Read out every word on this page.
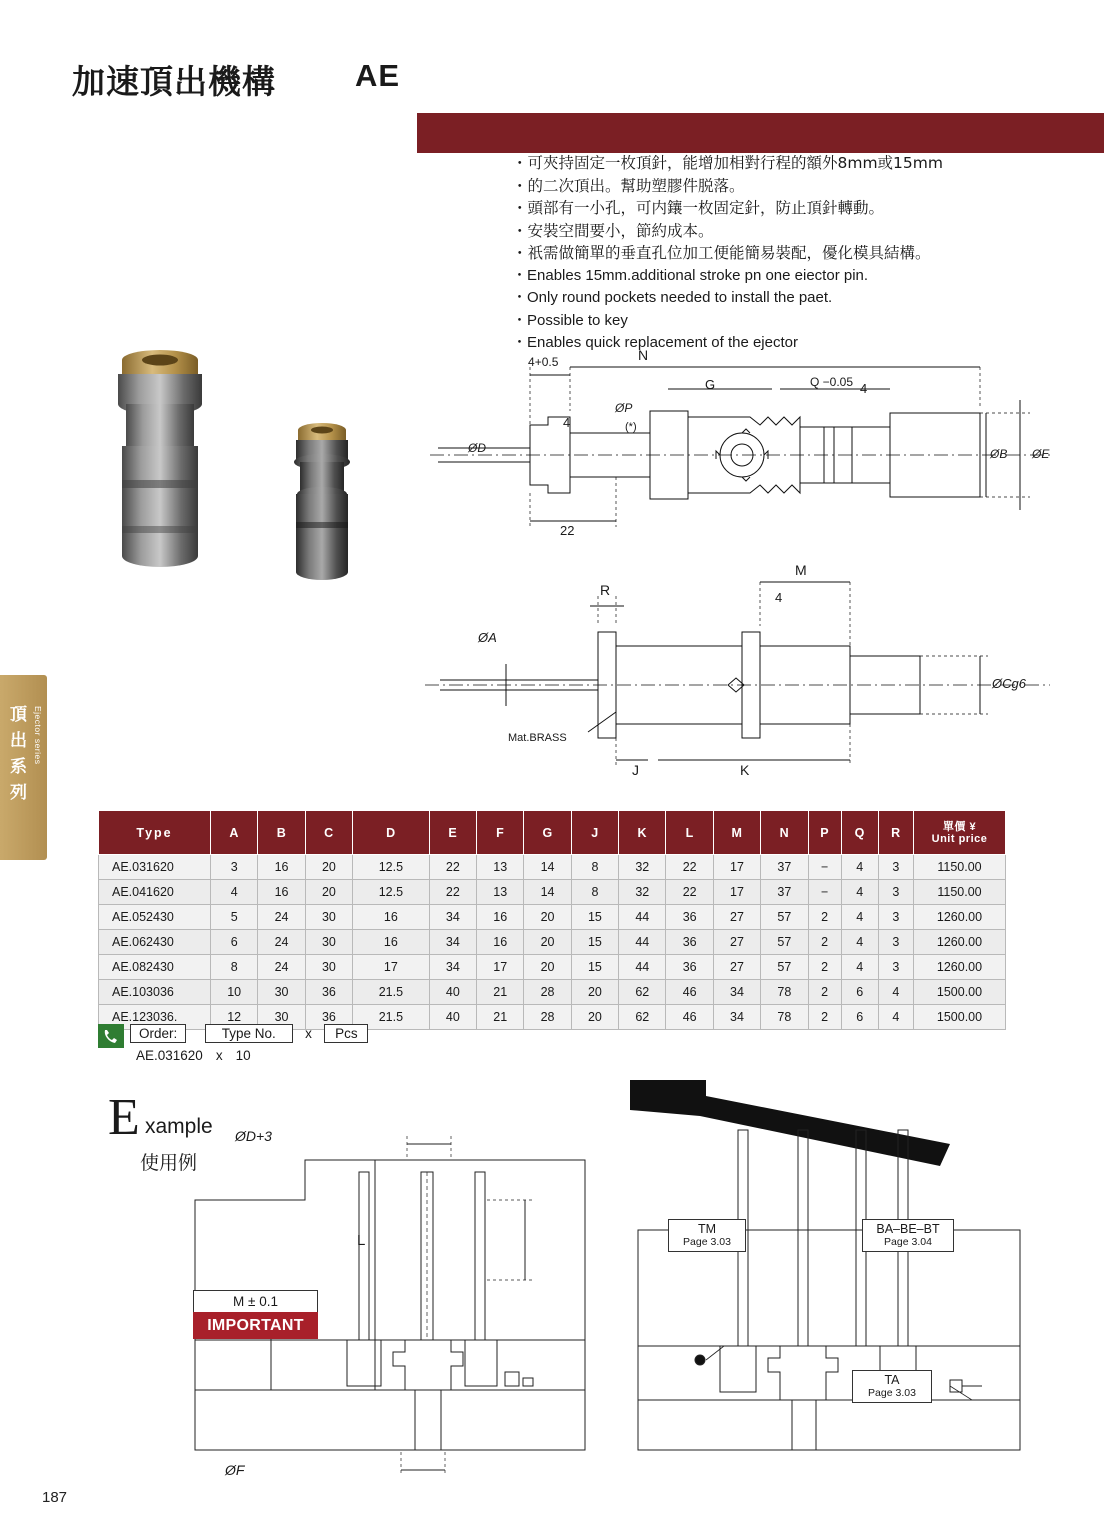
加速頂出機構	AE ACCELERLERATED EJECTOR
・可夾持固定一枚頂針，能增加相對行程的額外8mm或15mm
・的二次頂出。幫助塑膠件脱落。
・頭部有一小孔，可内鑲一枚固定針，防止頂針轉動。
・安裝空間要小，節約成本。
・祇需做簡單的垂直孔位加工便能簡易裝配，優化模具結構。
・Enables 15mm.additional stroke pn one eiector pin.
・Only round pockets needed to install the paet.
・Possible to key
・Enables quick replacement of the ejector
頂出系列
Ejector series
4+0.5	N
G	Q −0.05 4
4
ØP
(*)
ØD	ØB ØE
22
R
M
4
ØA
ØCg6
Mat.BRASS
J	K
Type	A	B	C	D	E	F	G	J	K	L	M	N	P	Q	R	單價 ¥
Unit price
AE.031620	3	16	20	12.5	22	13	14	8	32	22	17	37	−	4	3	1150.00
AE.041620	4	16	20	12.5	22	13	14	8	32	22	17	37	−	4	3	1150.00
AE.052430	5	24	30	16	34	16	20	15	44	36	27	57	2	4	3	1260.00
AE.062430	6	24	30	16	34	16	20	15	44	36	27	57	2	4	3	1260.00
AE.082430	8	24	30	17	34	17	20	15	44	36	27	57	2	4	3	1260.00
AE.103036	10	30	36	21.5	40	21	28	20	62	46	34	78	2	6	4	1500.00
AE.123036.	12	30	36	21.5	40	21	28	20	62	46	34	78	2	6	4	1500.00
Order:	Type No. x Pcs
AE.031620 x 10
E xample
使用例
ØD+3
L
ØF
M ± 0.1
IMPORTANT
TM
Page 3.03
BA–BE–BT
Page 3.04
TA
Page 3.03
187
